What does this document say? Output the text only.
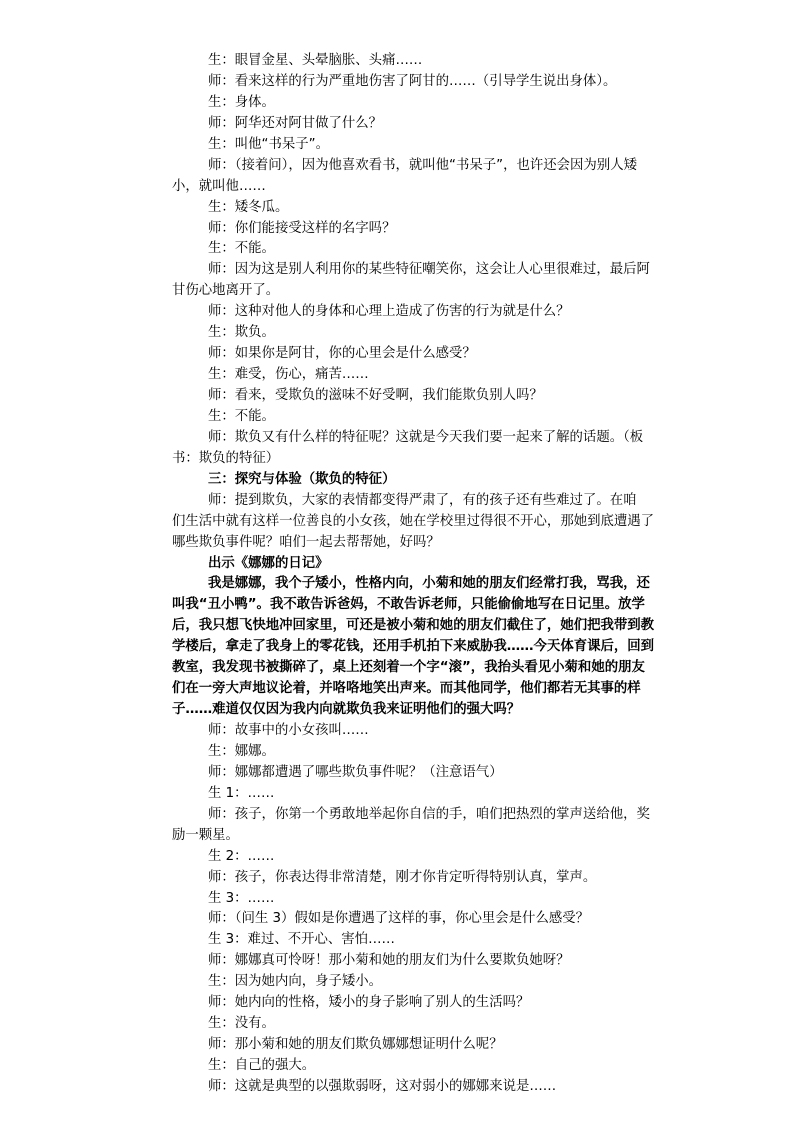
生：眼冒金星、头晕脑胀、头痛……
师：看来这样的行为严重地伤害了阿甘的……（引导学生说出身体）。
生：身体。
师：阿华还对阿甘做了什么？
生：叫他“书呆子”。
师：（接着问），因为他喜欢看书，就叫他“书呆子”，也许还会因为别人矮
小，就叫他……
生：矮冬瓜。
师：你们能接受这样的名字吗？
生：不能。
师：因为这是别人利用你的某些特征嘲笑你，这会让人心里很难过，最后阿
甘伤心地离开了。
师：这种对他人的身体和心理上造成了伤害的行为就是什么？
生：欺负。
师：如果你是阿甘，你的心里会是什么感受？
生：难受，伤心，痛苦……
师：看来，受欺负的滋味不好受啊，我们能欺负别人吗？
生：不能。
师：欺负又有什么样的特征呢？这就是今天我们要一起来了解的话题。（板
书：欺负的特征）
三：探究与体验（欺负的特征）
师：提到欺负，大家的表情都变得严肃了，有的孩子还有些难过了。在咱
们生活中就有这样一位善良的小女孩，她在学校里过得很不开心，那她到底遭遇了
哪些欺负事件呢？咱们一起去帮帮她，好吗？
出示《娜娜的日记》
我是娜娜，我个子矮小，性格内向，小菊和她的朋友们经常打我，骂我，还
叫我“丑小鸭”。我不敢告诉爸妈，不敢告诉老师，只能偷偷地写在日记里。放学
后，我只想飞快地冲回家里，可还是被小菊和她的朋友们截住了，她们把我带到教
学楼后，拿走了我身上的零花钱，还用手机拍下来威胁我……今天体育课后，回到
教室，我发现书被撕碎了，桌上还刻着一个字“滚”，我抬头看见小菊和她的朋友
们在一旁大声地议论着，并咯咯地笑出声来。而其他同学，他们都若无其事的样
子……难道仅仅因为我内向就欺负我来证明他们的强大吗？
师：故事中的小女孩叫……
生：娜娜。
师：娜娜都遭遇了哪些欺负事件呢？（注意语气）
生 1：……
师：孩子，你第一个勇敢地举起你自信的手，咱们把热烈的掌声送给他，奖
励一颗星。
生 2：……
师：孩子，你表达得非常清楚，刚才你肯定听得特别认真，掌声。
生 3：……
师：（问生 3）假如是你遭遇了这样的事，你心里会是什么感受？
生 3：难过、不开心、害怕……
师：娜娜真可怜呀！那小菊和她的朋友们为什么要欺负她呀？
生：因为她内向，身子矮小。
师：她内向的性格，矮小的身子影响了别人的生活吗？
生：没有。
师：那小菊和她的朋友们欺负娜娜想证明什么呢？
生：自己的强大。
师：这就是典型的以强欺弱呀，这对弱小的娜娜来说是……
